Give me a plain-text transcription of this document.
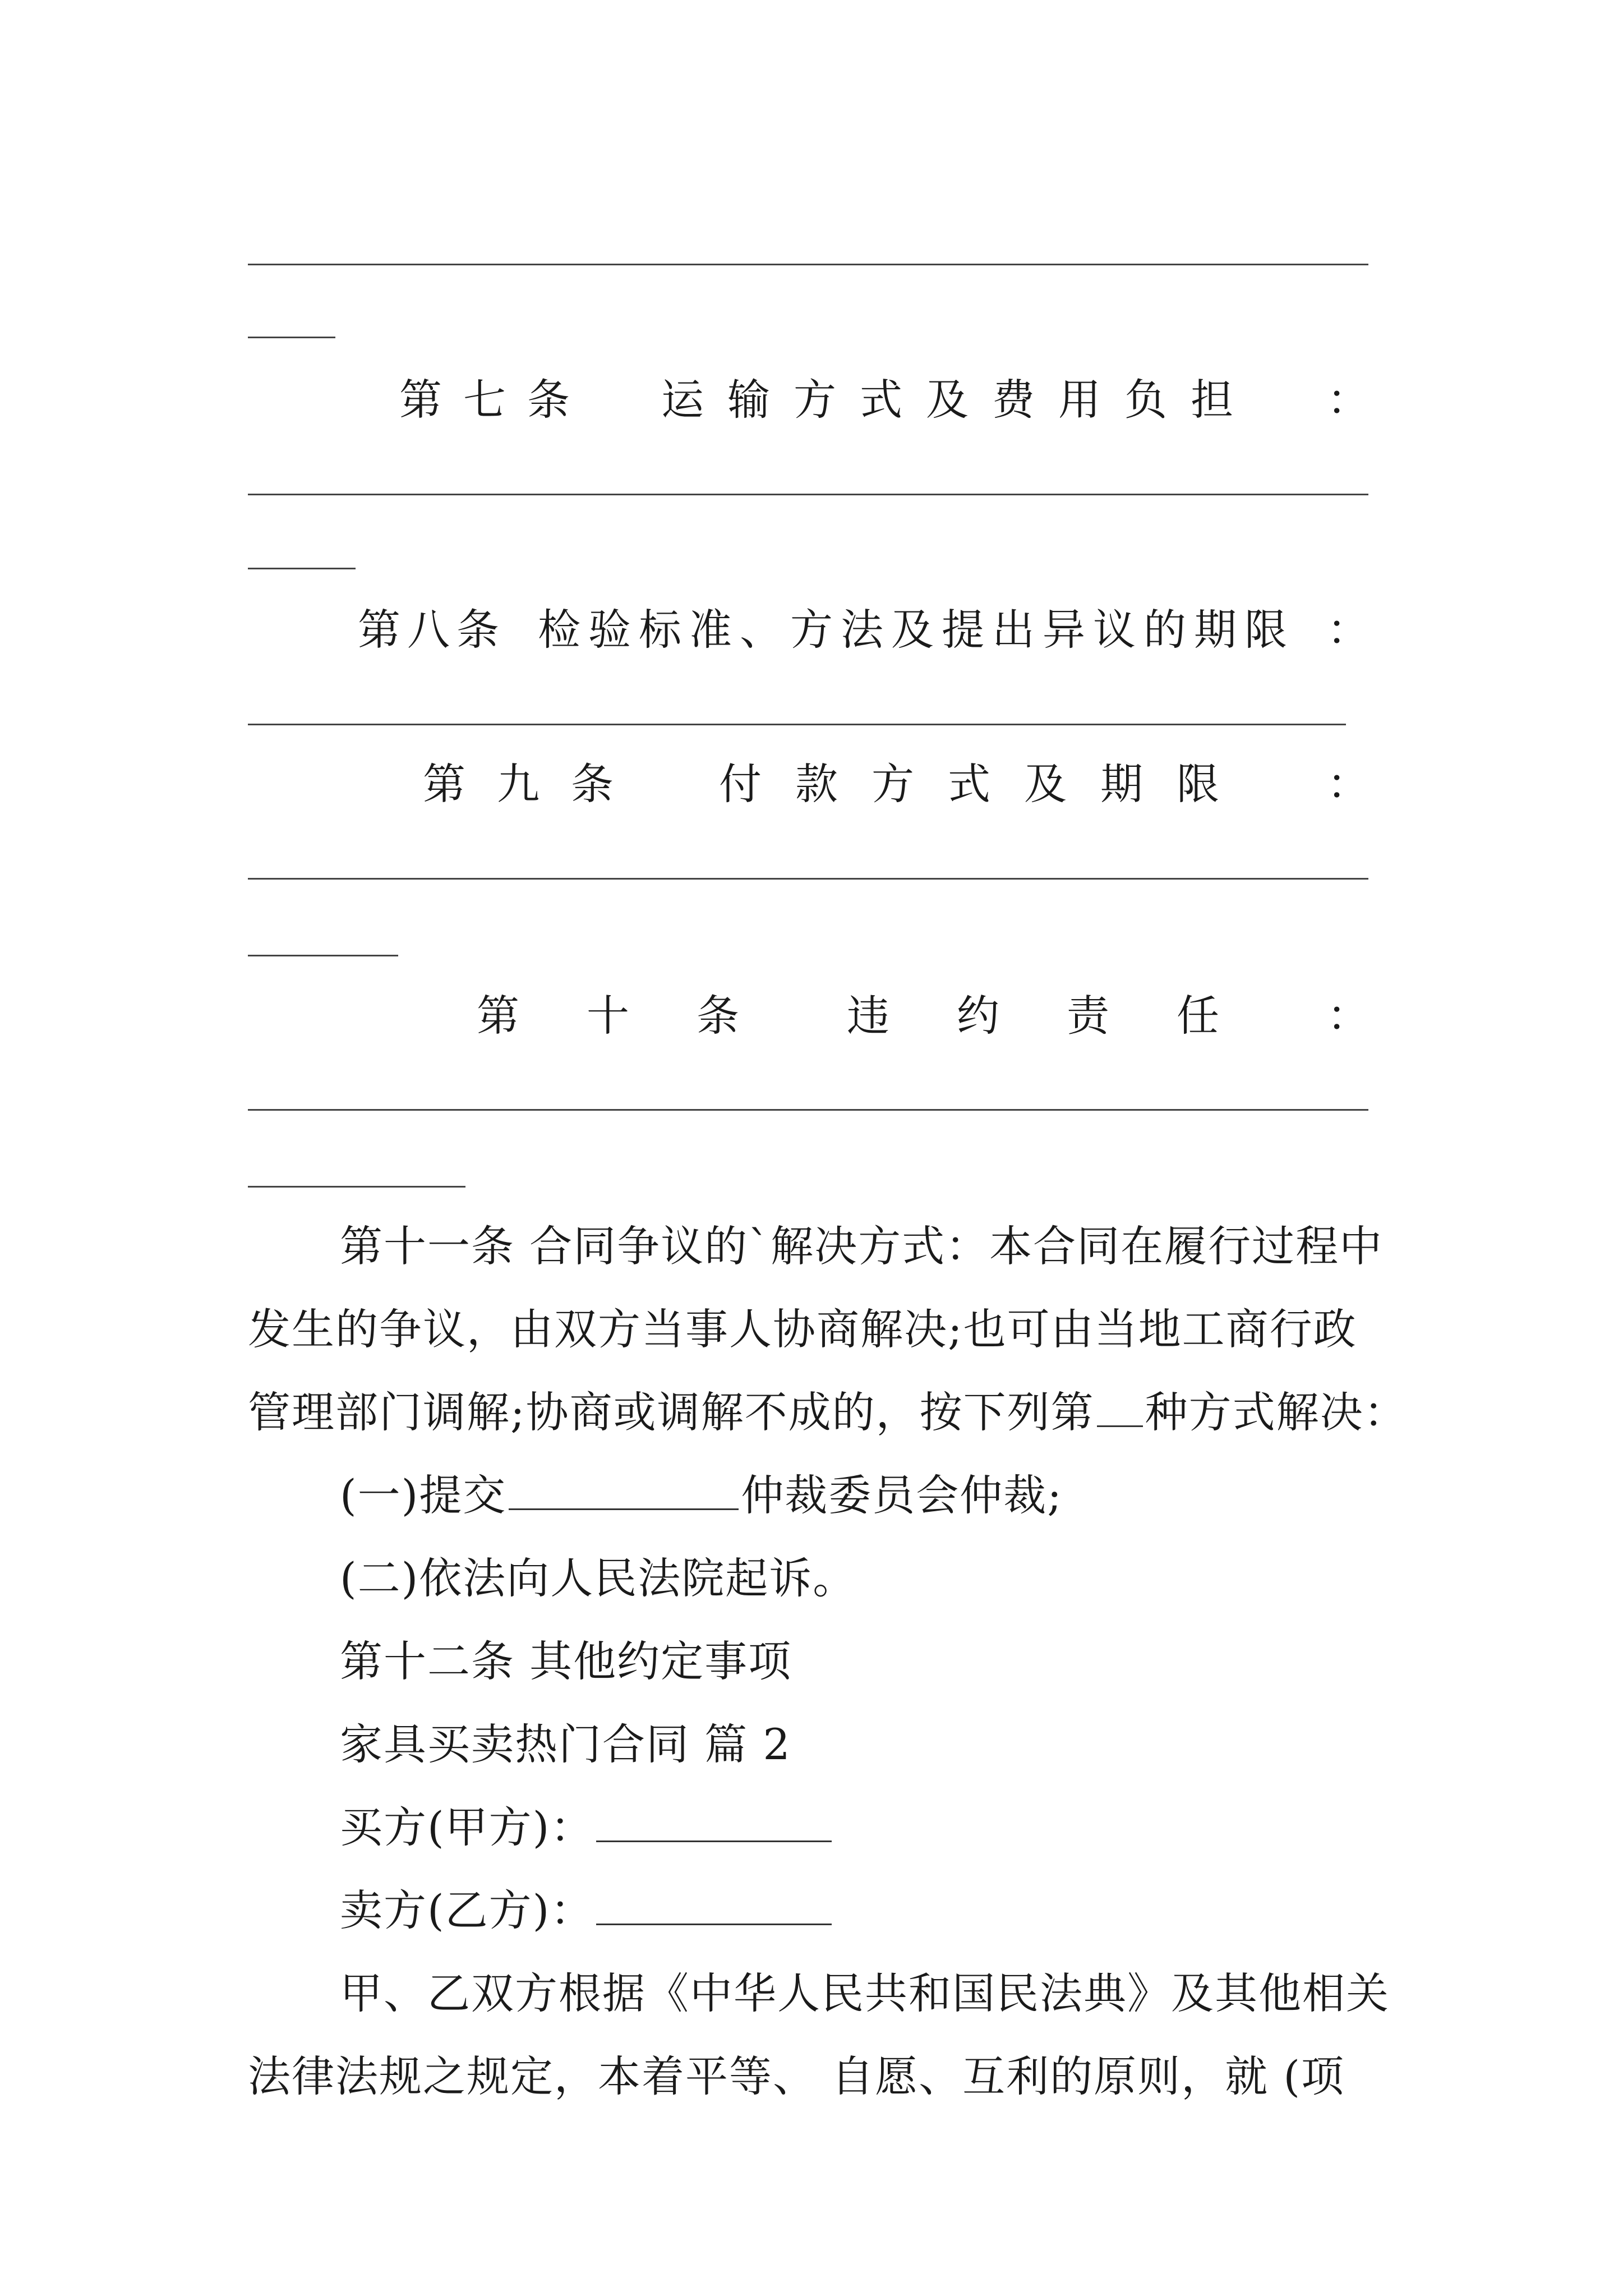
第七条 运输方式及费用负担 ：
第八条 检验标准、方法及提出异议的期限 ：
第九条 付款方式及期限 ：
第十条 违约责任 ：
第十一条 合同争议的`解决方式：本合同在履行过程中
发生的争议，由双方当事人协商解决;也可由当地工商行政
管理部门调解;协商或调解不成的，按下列第 种方式解决：
(一)提交	仲裁委员会仲裁;
(二)依法向人民法院起诉。
第十二条 其他约定事项
家具买卖热门合同 篇 2
买方(甲方)：
卖方(乙方)：
甲、乙双方根据《中华人民共和国民法典》及其他相关
法律法规之规定，本着平等、 自愿、互利的原则，就 (项
